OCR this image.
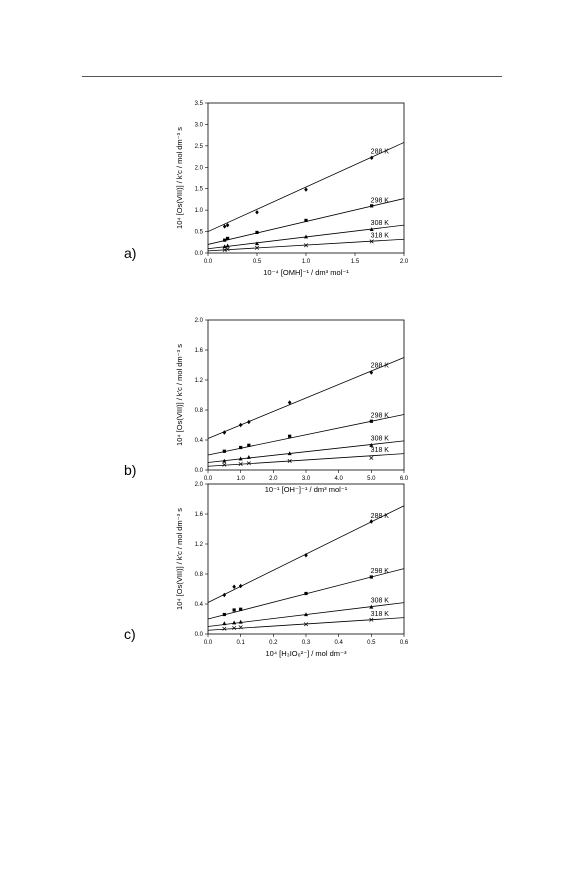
a)
0.0	0.5	1.0	1.5	2.0
0.0
0.5
1.0
1.5
2.0
2.5
3.0
3.5
10⁻⁴ [OMH]⁻¹ / dm³ mol⁻¹
10⁴ [Os(VIII)] / k′c / mol dm⁻³ s	288 K
298 K
308 K
318 K
b)
0.0	1.0	2.0	3.0	4.0	5.0	6.0
0.0
0.4
0.8
1.2
1.6
2.0
10⁻¹ [OH⁻]⁻¹ / dm³ mol⁻¹
10⁴ [Os(VIII)] / k′c / mol dm⁻³ s	288 K
298 K
308 K
318 K
c)
0.0	0.1	0.2	0.3	0.4	0.5	0.6
0.0
0.4
0.8
1.2
1.6
2.0
10⁴ [H₃IO₆²⁻] / mol dm⁻³
10⁴ [Os(VIII)] / k′c / mol dm⁻³ s	288 K
298 K
308 K
318 K
